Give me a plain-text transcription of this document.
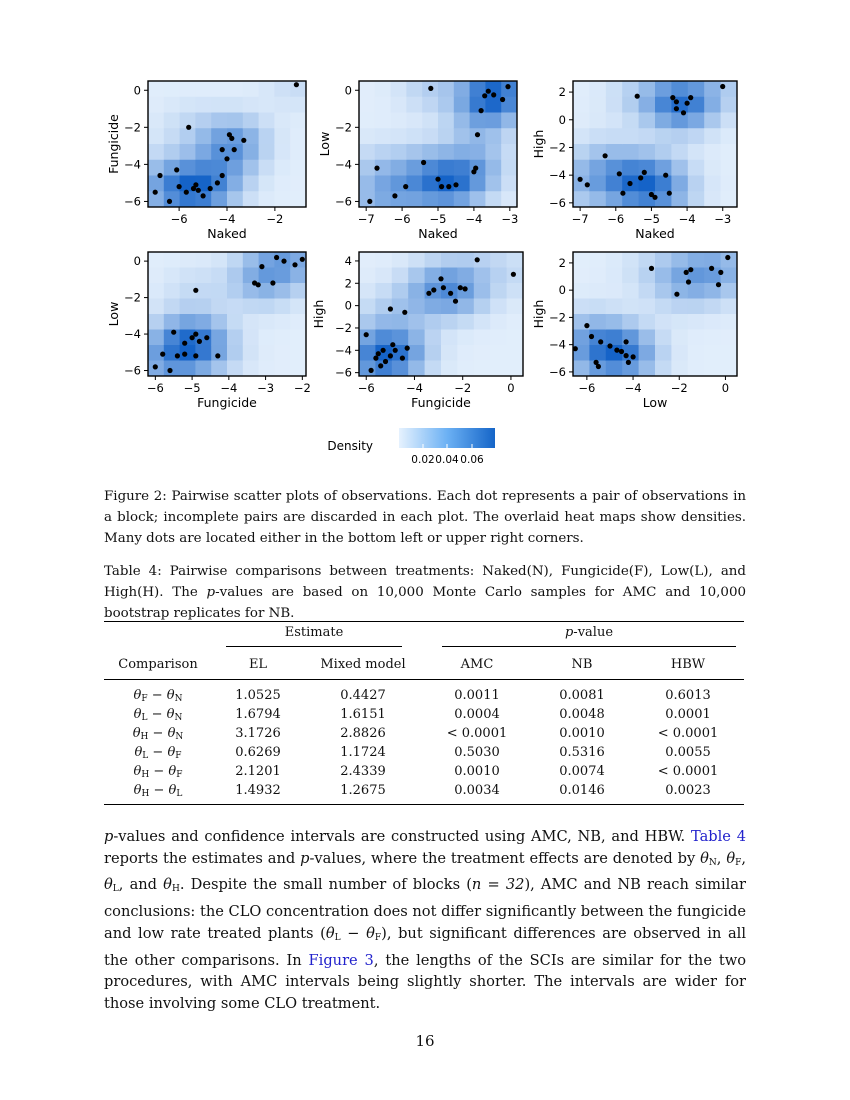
−6	−4	−2
0
−2
−4
−6
Naked
Fungicide
−7 −6 −5 −4 −3
0
−2
−4
−6
Naked
Low
−7 −6 −5 −4 −3
2
0
−2
−4
−6
Naked
High
−6 −5 −4 −3 −2
0
−2
−4
−6
Fungicide
Low
−6	−4	−2	0
4
2
0
−2
−4
−6
Fungicide
High
−6	−4	−2	0
2
0
−2
−4
−6
Low
High
Density
0.02 0.04 0.06
Figure 2: Pairwise scatter plots of observations. Each dot represents a pair of observations in a block; incomplete pairs are discarded in each plot. The overlaid heat maps show densities. Many dots are located either in the bottom left or upper right corners.
Table 4: Pairwise comparisons between treatments: Naked(N), Fungicide(F), Low(L), and High(H). The p-values are based on 10,000 Monte Carlo samples for AMC and 10,000 bootstrap replicates for NB.

	Estimate		p-value		

Comparison	EL	Mixed model	AMC	NB	HBW
$\theta_F - \theta_N$	1.0525	0.4427	0.0011	0.0081	0.6013
$\theta_L - \theta_N$	1.6794	1.6151	0.0004	0.0048	0.0001
$\theta_H - \theta_N$	3.1726	2.8826	< 0.0001	0.0010	< 0.0001
$\theta_L - \theta_F$	0.6269	1.1724	0.5030	0.5316	0.0055
$\theta_H - \theta_F$	2.1201	2.4339	0.0010	0.0074	< 0.0001
$\theta_H - \theta_L$	1.4932	1.2675	0.0034	0.0146	0.0023
p-values and confidence intervals are constructed using AMC, NB, and HBW. Table 4 reports the estimates and p-values, where the treatment effects are denoted by $\theta_N$, $\theta_F$, $\theta_L$, and $\theta_H$. Despite the small number of blocks (n = 32), AMC and NB reach similar conclusions: the CLO concentration does not differ significantly between the fungicide and low rate treated plants $(\theta_L - \theta_F)$, but significant differences are observed in all the other comparisons. In Figure 3, the lengths of the SCIs are similar for the two procedures, with AMC intervals being slightly shorter. The intervals are wider for those involving some CLO treatment.
16
